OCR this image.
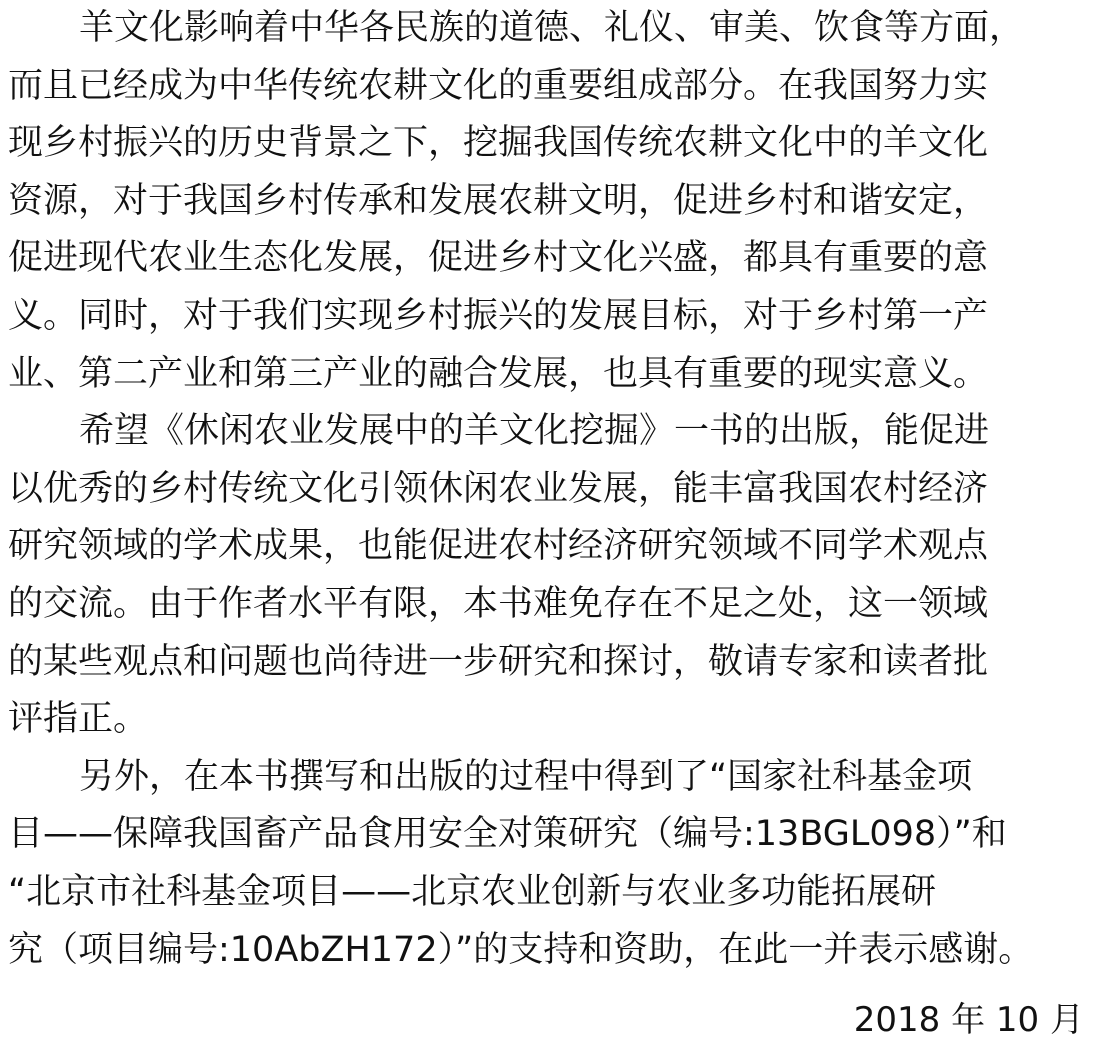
羊文化影响着中华各民族的道德、礼仪、审美、饮食等方面，
而且已经成为中华传统农耕文化的重要组成部分。在我国努力实
现乡村振兴的历史背景之下，挖掘我国传统农耕文化中的羊文化
资源，对于我国乡村传承和发展农耕文明，促进乡村和谐安定，
促进现代农业生态化发展，促进乡村文化兴盛，都具有重要的意
义。同时，对于我们实现乡村振兴的发展目标，对于乡村第一产
业、第二产业和第三产业的融合发展，也具有重要的现实意义。
希望《休闲农业发展中的羊文化挖掘》一书的出版，能促进
以优秀的乡村传统文化引领休闲农业发展，能丰富我国农村经济
研究领域的学术成果，也能促进农村经济研究领域不同学术观点
的交流。由于作者水平有限，本书难免存在不足之处，这一领域
的某些观点和问题也尚待进一步研究和探讨，敬请专家和读者批
评指正。
另外，在本书撰写和出版的过程中得到了“国家社科基金项
目——保障我国畜产品食用安全对策研究（编号:13BGL098）”和
“北京市社科基金项目——北京农业创新与农业多功能拓展研
究（项目编号:10AbZH172）”的支持和资助，在此一并表示感谢。
2018 年 10 月
